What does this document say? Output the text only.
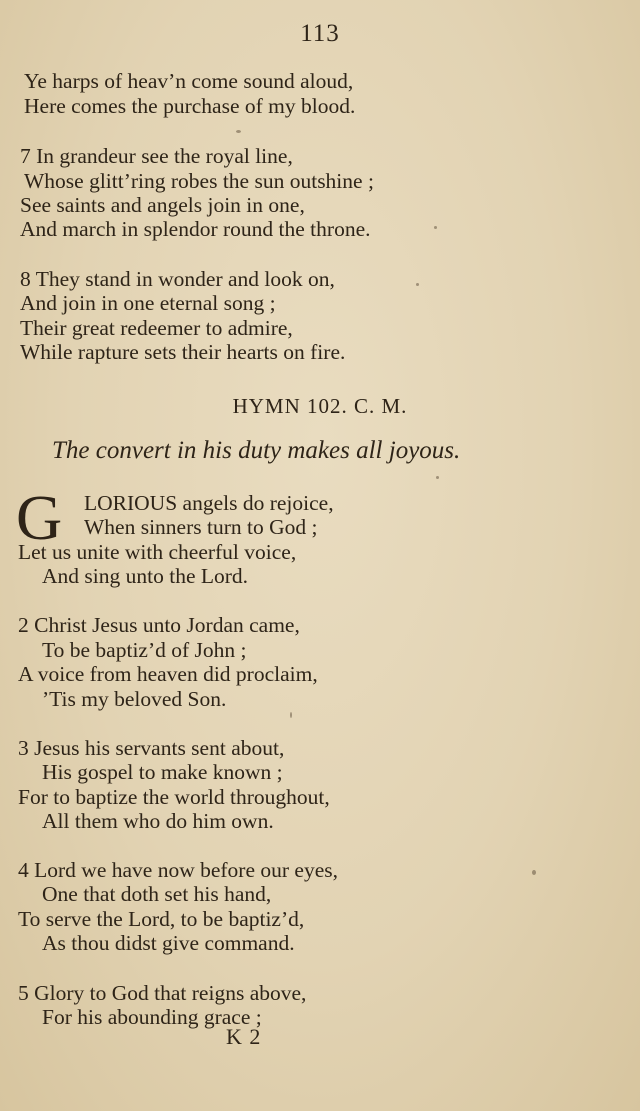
113
Ye harps of heav’n come sound aloud,
Here comes the purchase of my blood.
7 In grandeur see the royal line,
Whose glitt’ring robes the sun outshine ;
See saints and angels join in one,
And march in splendor round the throne.
8 They stand in wonder and look on,
And join in one eternal song ;
Their great redeemer to admire,
While rapture sets their hearts on fire.
HYMN 102. C. M.
The convert in his duty makes all joyous.
G LORIOUS angels do rejoice,
When sinners turn to God ;
Let us unite with cheerful voice,
And sing unto the Lord.
2 Christ Jesus unto Jordan came,
To be baptiz’d of John ;
A voice from heaven did proclaim,
’Tis my beloved Son.
3 Jesus his servants sent about,
His gospel to make known ;
For to baptize the world throughout,
All them who do him own.
4 Lord we have now before our eyes,
One that doth set his hand,
To serve the Lord, to be baptiz’d,
As thou didst give command.
5 Glory to God that reigns above,
For his abounding grace ;
K 2
